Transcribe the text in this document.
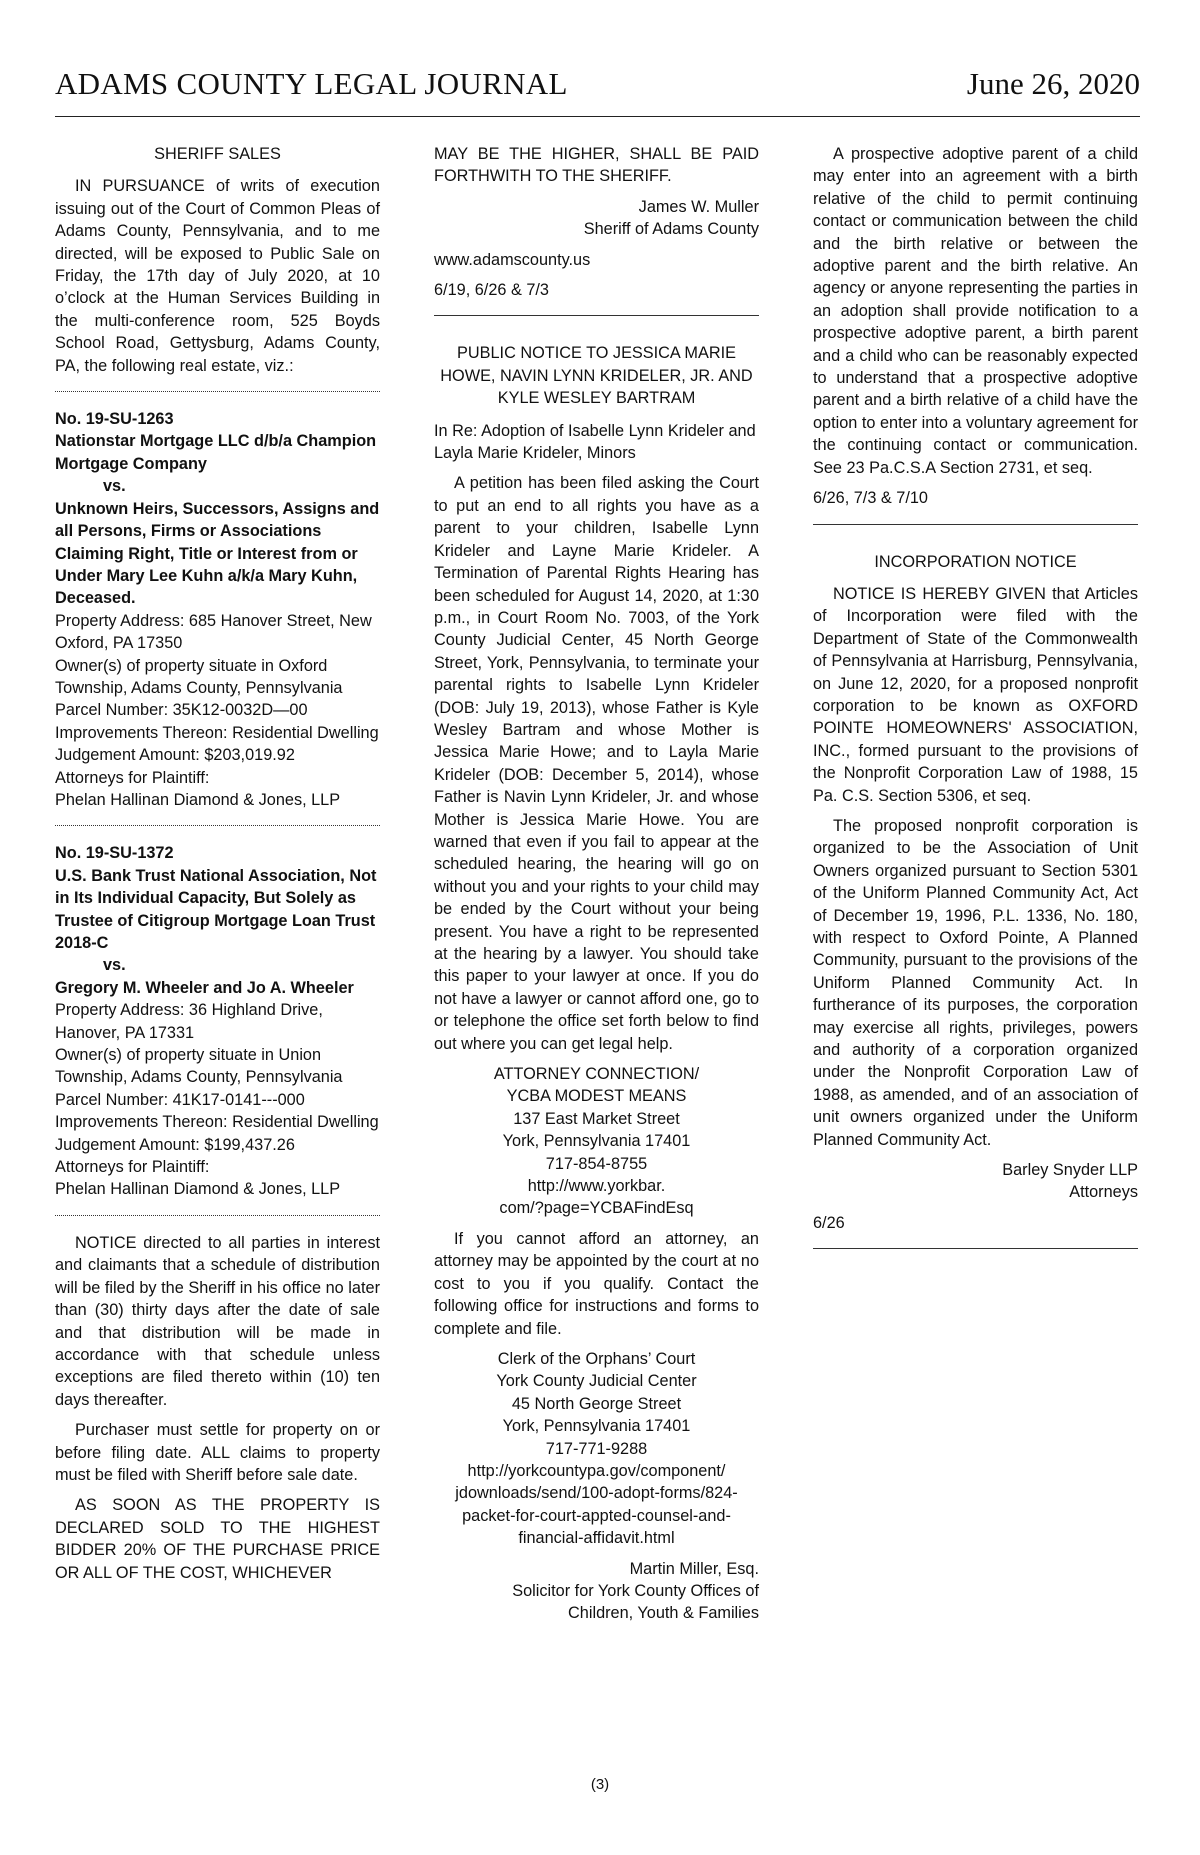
ADAMS COUNTY LEGAL JOURNAL	June 26, 2020
SHERIFF SALES

IN PURSUANCE of writs of execution issuing out of the Court of Common Pleas of Adams County, Pennsylvania, and to me directed, will be exposed to Public Sale on Friday, the 17th day of July 2020, at 10 o’clock at the Human Services Building in the multi-conference room, 525 Boyds School Road, Gettysburg, Adams County, PA, the following real estate, viz.:

No. 19-SU-1263
Nationstar Mortgage LLC d/b/a Champion Mortgage Company
vs.
Unknown Heirs, Successors, Assigns and all Persons, Firms or Associations Claiming Right, Title or Interest from or Under Mary Lee Kuhn a/k/a Mary Kuhn, Deceased.
Property Address: 685 Hanover Street, New Oxford, PA 17350
Owner(s) of property situate in Oxford Township, Adams County, Pennsylvania
Parcel Number: 35K12-0032D—00
Improvements Thereon: Residential Dwelling
Judgement Amount: $203,019.92
Attorneys for Plaintiff:
Phelan Hallinan Diamond & Jones, LLP
No. 19-SU-1372
U.S. Bank Trust National Association, Not in Its Individual Capacity, But Solely as Trustee of Citigroup Mortgage Loan Trust 2018-C
vs.
Gregory M. Wheeler and Jo A. Wheeler
Property Address: 36 Highland Drive, Hanover, PA 17331
Owner(s) of property situate in Union Township, Adams County, Pennsylvania
Parcel Number: 41K17-0141---000
Improvements Thereon: Residential Dwelling
Judgement Amount: $199,437.26
Attorneys for Plaintiff:
Phelan Hallinan Diamond & Jones, LLP

NOTICE directed to all parties in interest and claimants that a schedule of distribution will be filed by the Sheriff in his office no later than (30) thirty days after the date of sale and that distribution will be made in accordance with that schedule unless exceptions are filed thereto within (10) ten days thereafter.

Purchaser must settle for property on or before filing date. ALL claims to property must be filed with Sheriff before sale date.

AS SOON AS THE PROPERTY IS DECLARED SOLD TO THE HIGHEST BIDDER 20% OF THE PURCHASE PRICE OR ALL OF THE COST, WHICHEVER

MAY BE THE HIGHER, SHALL BE PAID FORTHWITH TO THE SHERIFF.

James W. Muller
Sheriff of Adams County

www.adamscounty.us

6/19, 6/26 & 7/3

PUBLIC NOTICE TO JESSICA MARIE HOWE, NAVIN LYNN KRIDELER, JR. AND KYLE WESLEY BARTRAM

In Re: Adoption of Isabelle Lynn Krideler and Layla Marie Krideler, Minors

A petition has been filed asking the Court to put an end to all rights you have as a parent to your children, Isabelle Lynn Krideler and Layne Marie Krideler. A Termination of Parental Rights Hearing has been scheduled for August 14, 2020, at 1:30 p.m., in Court Room No. 7003, of the York County Judicial Center, 45 North George Street, York, Pennsylvania, to terminate your parental rights to Isabelle Lynn Krideler (DOB: July 19, 2013), whose Father is Kyle Wesley Bartram and whose Mother is Jessica Marie Howe; and to Layla Marie Krideler (DOB: December 5, 2014), whose Father is Navin Lynn Krideler, Jr. and whose Mother is Jessica Marie Howe. You are warned that even if you fail to appear at the scheduled hearing, the hearing will go on without you and your rights to your child may be ended by the Court without your being present. You have a right to be represented at the hearing by a lawyer. You should take this paper to your lawyer at once. If you do not have a lawyer or cannot afford one, go to or telephone the office set forth below to find out where you can get legal help.

ATTORNEY CONNECTION/
YCBA MODEST MEANS
137 East Market Street
York, Pennsylvania 17401
717-854-8755
http://www.yorkbar.
com/?page=YCBAFindEsq

If you cannot afford an attorney, an attorney may be appointed by the court at no cost to you if you qualify. Contact the following office for instructions and forms to complete and file.

Clerk of the Orphans’ Court
York County Judicial Center
45 North George Street
York, Pennsylvania 17401
717-771-9288
http://yorkcountypa.gov/component/
jdownloads/send/100-adopt-forms/824-
packet-for-court-appted-counsel-and-
financial-affidavit.html
Martin Miller, Esq.
Solicitor for York County Offices of
Children, Youth & Families

A prospective adoptive parent of a child may enter into an agreement with a birth relative of the child to permit continuing contact or communication between the child and the birth relative or between the adoptive parent and the birth relative. An agency or anyone representing the parties in an adoption shall provide notification to a prospective adoptive parent, a birth parent and a child who can be reasonably expected to understand that a prospective adoptive parent and a birth relative of a child have the option to enter into a voluntary agreement for the continuing contact or communication. See 23 Pa.C.S.A Section 2731, et seq.

6/26, 7/3 & 7/10

INCORPORATION NOTICE

NOTICE IS HEREBY GIVEN that Articles of Incorporation were filed with the Department of State of the Commonwealth of Pennsylvania at Harrisburg, Pennsylvania, on June 12, 2020, for a proposed nonprofit corporation to be known as OXFORD POINTE HOMEOWNERS' ASSOCIATION, INC., formed pursuant to the provisions of the Nonprofit Corporation Law of 1988, 15 Pa. C.S. Section 5306, et seq.

The proposed nonprofit corporation is organized to be the Association of Unit Owners organized pursuant to Section 5301 of the Uniform Planned Community Act, Act of December 19, 1996, P.L. 1336, No. 180, with respect to Oxford Pointe, A Planned Community, pursuant to the provisions of the Uniform Planned Community Act. In furtherance of its purposes, the corporation may exercise all rights, privileges, powers and authority of a corporation organized under the Nonprofit Corporation Law of 1988, as amended, and of an association of unit owners organized under the Uniform Planned Community Act.

Barley Snyder LLP
Attorneys

6/26

(3)
